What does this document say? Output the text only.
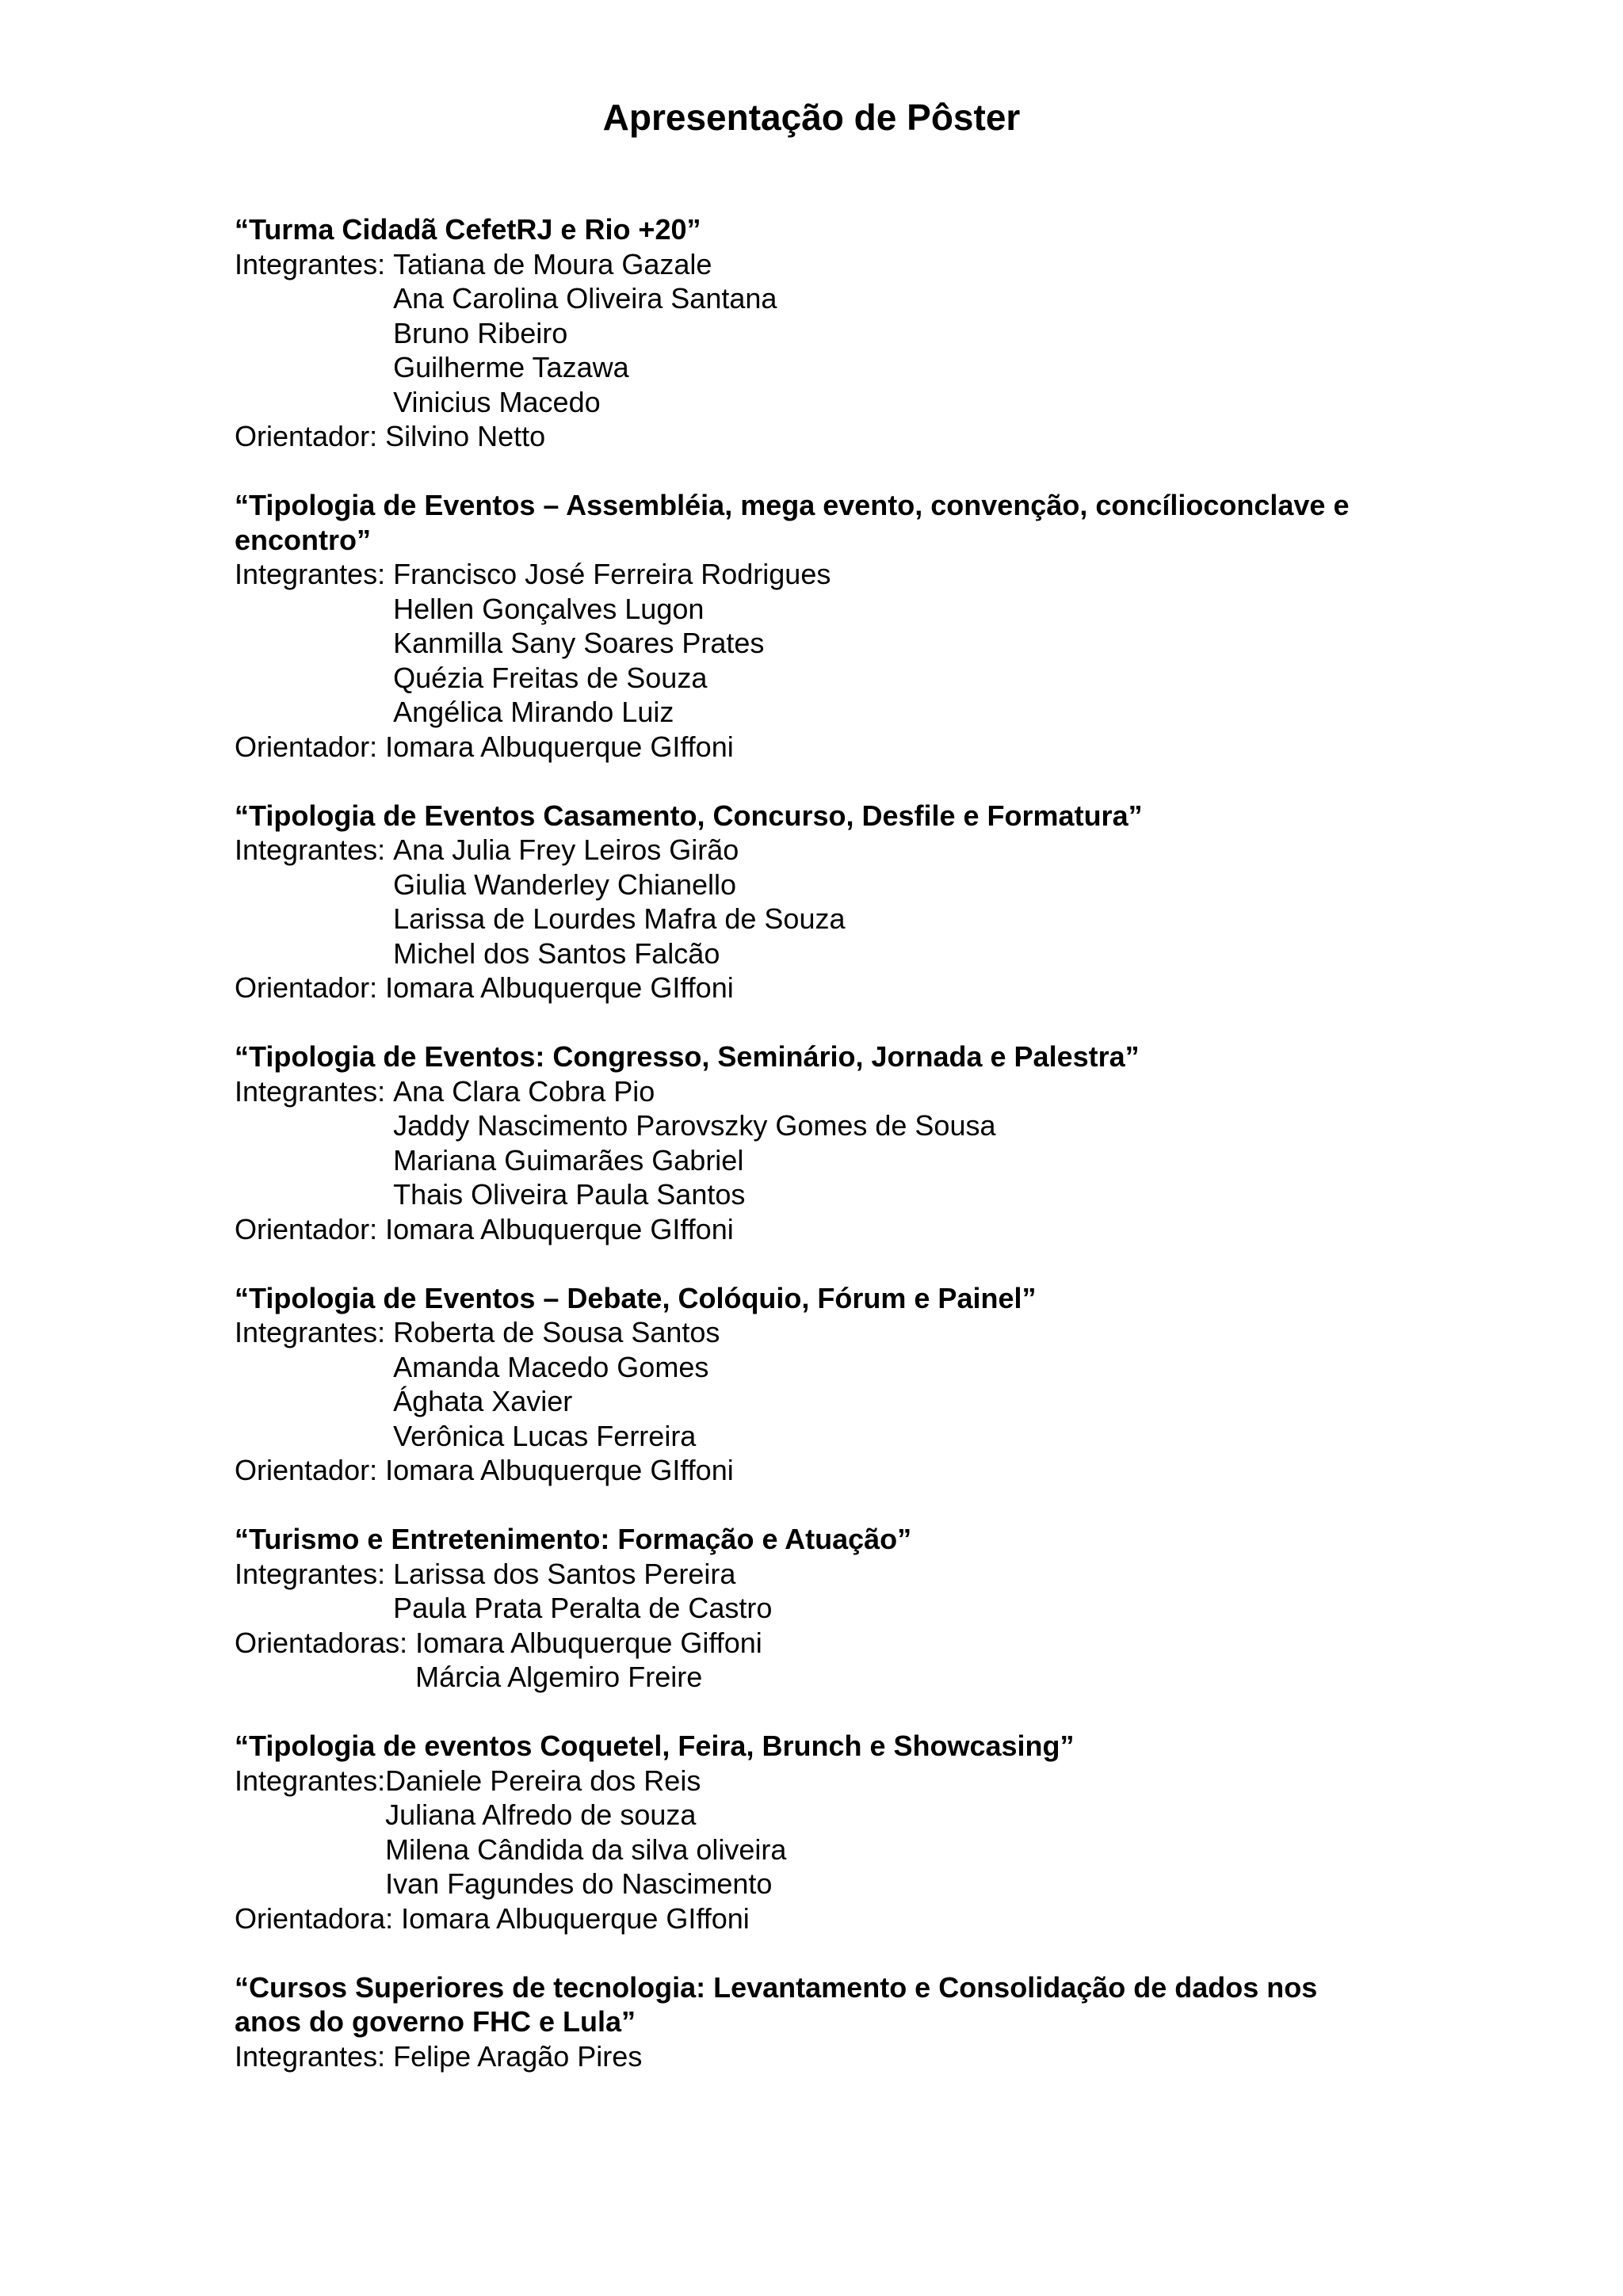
Apresentação de Pôster
“Turma Cidadã CefetRJ e Rio +20”
Integrantes: Tatiana de Moura Gazale
Ana Carolina Oliveira Santana
Bruno Ribeiro
Guilherme Tazawa
Vinicius Macedo
Orientador: Silvino Netto
“Tipologia de Eventos – Assembléia, mega evento, convenção, concílioconclave e
encontro”
Integrantes: Francisco José Ferreira Rodrigues
Hellen Gonçalves Lugon
Kanmilla Sany Soares Prates
Quézia Freitas de Souza
Angélica Mirando Luiz
Orientador: Iomara Albuquerque GIffoni
“Tipologia de Eventos Casamento, Concurso, Desfile e Formatura”
Integrantes: Ana Julia Frey Leiros Girão
Giulia Wanderley Chianello
Larissa de Lourdes Mafra de Souza
Michel dos Santos Falcão
Orientador: Iomara Albuquerque GIffoni
“Tipologia de Eventos: Congresso, Seminário, Jornada e Palestra”
Integrantes: Ana Clara Cobra Pio
Jaddy Nascimento Parovszky Gomes de Sousa
Mariana Guimarães Gabriel
Thais Oliveira Paula Santos
Orientador: Iomara Albuquerque GIffoni
“Tipologia de Eventos – Debate, Colóquio, Fórum e Painel”
Integrantes: Roberta de Sousa Santos
Amanda Macedo Gomes
Ághata Xavier
Verônica Lucas Ferreira
Orientador: Iomara Albuquerque GIffoni
“Turismo e Entretenimento: Formação e Atuação”
Integrantes: Larissa dos Santos Pereira
Paula Prata Peralta de Castro
Orientadoras: Iomara Albuquerque Giffoni
Márcia Algemiro Freire
“Tipologia de eventos Coquetel, Feira, Brunch e Showcasing”
Integrantes: Daniele Pereira dos Reis
Juliana Alfredo de souza
Milena Cândida da silva oliveira
Ivan Fagundes do Nascimento
Orientadora: Iomara Albuquerque GIffoni
“Cursos Superiores de tecnologia: Levantamento e Consolidação de dados nos
anos do governo FHC e Lula”
Integrantes: Felipe Aragão Pires
